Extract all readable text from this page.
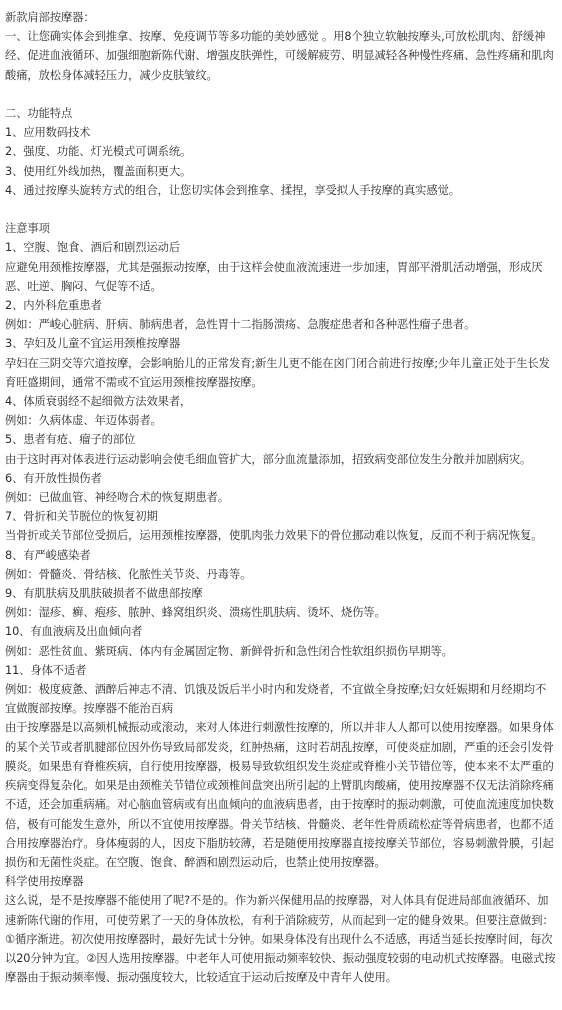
新款肩部按摩器：

一、让您确实体会到推拿、按摩、免疫调节等多功能的美妙感觉 。用8个独立软触按摩头,可放松肌肉、舒缓神经、促进血液循环、加强细胞新陈代谢、增强皮肤弹性，可缓解疲劳、明显减轻各种慢性疼痛、急性疼痛和肌肉酸痛，放松身体减轻压力，减少皮肤皱纹。

二、功能特点

1、应用数码技术

2、强度、功能、灯光模式可调系统。

3、使用红外线加热，覆盖面积更大。

4、通过按摩头旋转方式的组合，让您切实体会到推拿、揉捏，享受拟人手按摩的真实感觉。

注意事项

1、空腹、饱食、酒后和剧烈运动后

应避免用颈椎按摩器，尤其是强振动按摩，由于这样会使血液流速进一步加速，胃部平滑肌活动增强，形成厌恶、吐逆、胸闷、气促等不适。

2、内外科危重患者

例如：严峻心脏病、肝病、肺病患者，急性胃十二指肠溃疡、急腹症患者和各种恶性瘤子患者。

3、孕妇及儿童不宜运用颈椎按摩器

孕妇在三阴交等穴道按摩，会影响胎儿的正常发育;新生儿更不能在囟门闭合前进行按摩;少年儿童正处于生长发育旺盛期间，通常不需或不宜运用颈椎按摩器按摩。

4、体质衰弱经不起细微方法效果者，

例如：久病体虚、年迈体弱者。

5、患者有疮、瘤子的部位

由于这时再对体表进行运动影响会使毛细血管扩大，部分血流量添加，招致病变部位发生分散并加剧病灾。

6、有开放性损伤者

例如：已做血管、神经吻合术的恢复期患者。

7、骨折和关节脱位的恢复初期

当骨折或关节部位受损后，运用颈椎按摩器，使肌肉张力效果下的骨位挪动难以恢复，反而不利于病况恢复。

8、有严峻感染者

例如：骨髓炎、骨结核、化脓性关节炎、丹毒等。

9、有肌肤病及肌肤破损者不做患部按摩

例如：湿疹、癣、疱疹、脓肿、蜂窝组织炎、溃疡性肌肤病、烫坏、烧伤等。

10、有血液病及出血倾向者

例如：恶性贫血、紫斑病、体内有金属固定物、新鲜骨折和急性闭合性软组织损伤早期等。

11、身体不适者

例如：极度疲惫、酒醉后神志不清、饥饿及饭后半小时内和发烧者，不宜做全身按摩;妇女妊娠期和月经期均不宜做腹部按摩。按摩器不能治百病

由于按摩器是以高频机械振动或滚动，来对人体进行刺激性按摩的，所以并非人人都可以使用按摩器。如果身体的某个关节或者肌腱部位因外伤导致局部发炎，红肿热痛，这时若胡乱按摩，可使炎症加剧，严重的还会引发骨膜炎。如果患有脊椎疾病，自行使用按摩器，极易导致软组织发生炎症或脊椎小关节错位等，使本来不太严重的疾病变得复杂化。如果是由颈椎关节错位或颈椎间盘突出所引起的上臂肌肉酸痛，使用按摩器不仅无法消除疼痛不适，还会加重病痛。对心脑血管病或有出血倾向的血液病患者，由于按摩时的振动刺激，可使血流速度加快数倍，极有可能发生意外，所以不宜使用按摩器。骨关节结核、骨髓炎、老年性骨质疏松症等骨病患者，也都不适合用按摩器治疗。身体瘦弱的人，因皮下脂肪较薄，若是随便用按摩器直接按摩关节部位，容易刺激骨膜，引起损伤和无菌性炎症。在空腹、饱食、醉酒和剧烈运动后，也禁止使用按摩器。

科学使用按摩器

这么说，是不是按摩器不能使用了呢?不是的。作为新兴保健用品的按摩器，对人体具有促进局部血液循环、加速新陈代谢的作用，可使劳累了一天的身体放松，有利于消除疲劳，从而起到一定的健身效果。但要注意做到：①循序渐进。初次使用按摩器时，最好先试十分钟。如果身体没有出现什么不适感，再适当延长按摩时间，每次以20分钟为宜。②因人选用按摩器。中老年人可使用振动频率较快、振动强度较弱的电动机式按摩器。电磁式按摩器由于振动频率慢、振动强度较大，比较适宜于运动后按摩及中青年人使用。
